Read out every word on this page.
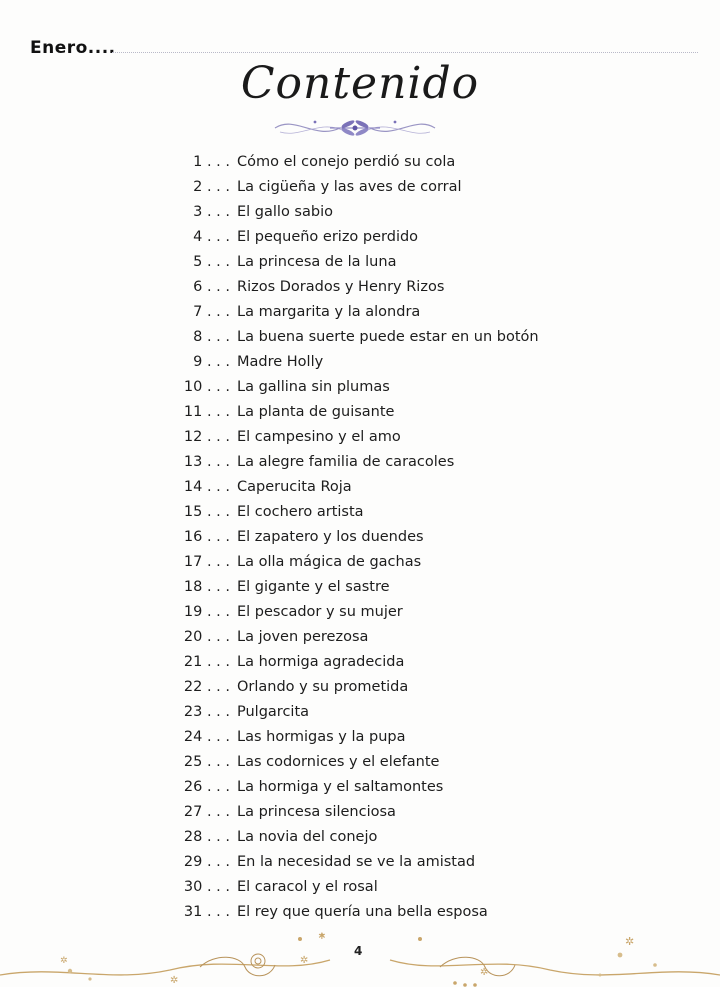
Enero....
Contenido
1 . . . Cómo el conejo perdió su cola
2 . . . La cigüeña y las aves de corral
3 . . . El gallo sabio
4 . . . El pequeño erizo perdido
5 . . . La princesa de la luna
6 . . . Rizos Dorados y Henry Rizos
7 . . . La margarita y la alondra
8 . . . La buena suerte puede estar en un botón
9 . . . Madre Holly
10 . . . La gallina sin plumas
11 . . . La planta de guisante
12 . . . El campesino y el amo
13 . . . La alegre familia de caracoles
14 . . . Caperucita Roja
15 . . . El cochero artista
16 . . . El zapatero y los duendes
17 . . . La olla mágica de gachas
18 . . . El gigante y el sastre
19 . . . El pescador y su mujer
20 . . . La joven perezosa
21 . . . La hormiga agradecida
22 . . . Orlando y su prometida
23 . . . Pulgarcita
24 . . . Las hormigas y la pupa
25 . . . Las codornices y el elefante
26 . . . La hormiga y el saltamontes
27 . . . La princesa silenciosa
28 . . . La novia del conejo
29 . . . En la necesidad se ve la amistad
30 . . . El caracol y el rosal
31 . . . El rey que quería una bella esposa
✲
✲
✲
✲
✲
✲
4
